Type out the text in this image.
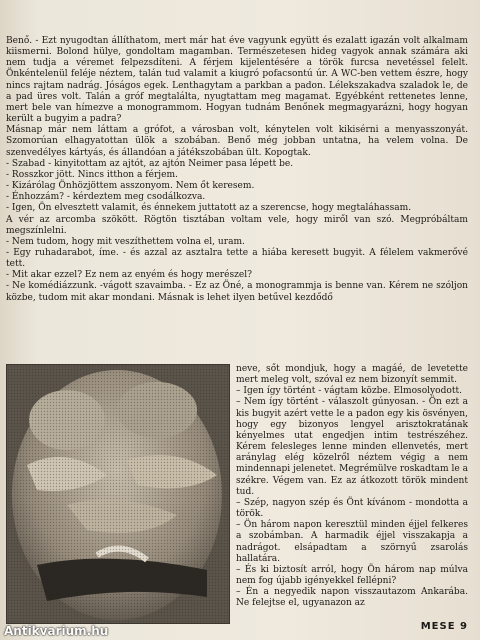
Benő. - Ezt nyugodtan állíthatom, mert már hat éve vagyunk együtt és ezalatt igazán volt alkalmam kiismerni. Bolond hülye, gondoltam magamban. Természetesen hideg vagyok annak számára aki nem tudja a véremet felpezsdíteni. A férjem kijelentésére a török furcsa nevetéssel felelt. Önkéntelenül feléje néztem, talán tud valamit a kiugró pofacsontú úr. A WC-ben vettem észre, hogy nincs rajtam nadrág. Jóságos egek. Lenthagytam a parkban a padon. Lélekszakadva szaladok le, de a pad üres volt. Talán a gróf megtalálta, nyugtattam meg magamat. Egyébként rettenetes lenne, mert bele van hímezve a monogrammom. Hogyan tudnám Benőnek megmagyarázni, hogy hogyan került a bugyim a padra?

Másnap már nem láttam a grófot, a városban volt, kénytelen volt kikisérni a menyasszonyát. Szomorúan elhagyatottan ülök a szobában. Benő még jobban untatna, ha velem volna. De szenvedélyes kártyás, és állandóan a játékszobában ült. Kopogtak.

- Szabad - kinyitottam az ajtót, az ajtón Neimer pasa lépett be.

- Rosszkor jött. Nincs itthon a férjem.

- Kizárólag Önhözjöttem asszonyom. Nem őt keresem.

- Énhozzám? - kérdeztem meg csodálkozva.

- Igen, Ön elvesztett valamit, és énnekem juttatott az a szerencse, hogy megtaláhassam.

A vér az arcomba szökött. Rögtön tisztában voltam vele, hogy miről van szó. Megpróbáltam megszínlelni.

- Nem tudom, hogy mit veszíthettem volna el, uram.

- Egy ruhadarabot, íme. - és azzal az asztalra tette a hiába keresett bugyit. A félelem vakmerővé tett.

- Mit akar ezzel? Ez nem az enyém és hogy merészel?

- Ne komédiázzunk. -vágott szavaimba. - Ez az Öné, a monogrammja is benne van. Kérem ne szóljon közbe, tudom mit akar mondani. Másnak is lehet ilyen betűvel kezdődő

neve, sőt mondjuk, hogy a magáé, de levetette mert meleg volt, szóval ez nem bizonyít semmit.

– Igen így történt - vágtam közbe. Elmosolyodott.

– Nem így történt - válaszolt gúnyosan. - Ön ezt a kis bugyit azért vette le a padon egy kis ösvényen, hogy egy bizonyos lengyel arisztokratának kényelmes utat engedjen intim testrészéhez. Kérem felesleges lenne minden ellenvetés, mert aránylag elég közelről néztem végig a nem mindennapi jelenetet. Megrémülve roskadtam le a székre. Végem van. Ez az átkozott török mindent tud.

– Szép, nagyon szép és Önt kívánom - mondotta a török.

– Ön három napon keresztül minden éjjel felkeres a szobámban. A harmadik éjjel visszakapja a nadrágot. elsápadtam a szörnyű zsarolás hallatára.

– És ki biztosít arról, hogy Ön három nap múlva nem fog újabb igényekkel fellépni?

– Én a negyedik napon visszautazom Ankarába. Ne felejtse el, ugyanazon az

MESE 9
Antikvarium.hu
